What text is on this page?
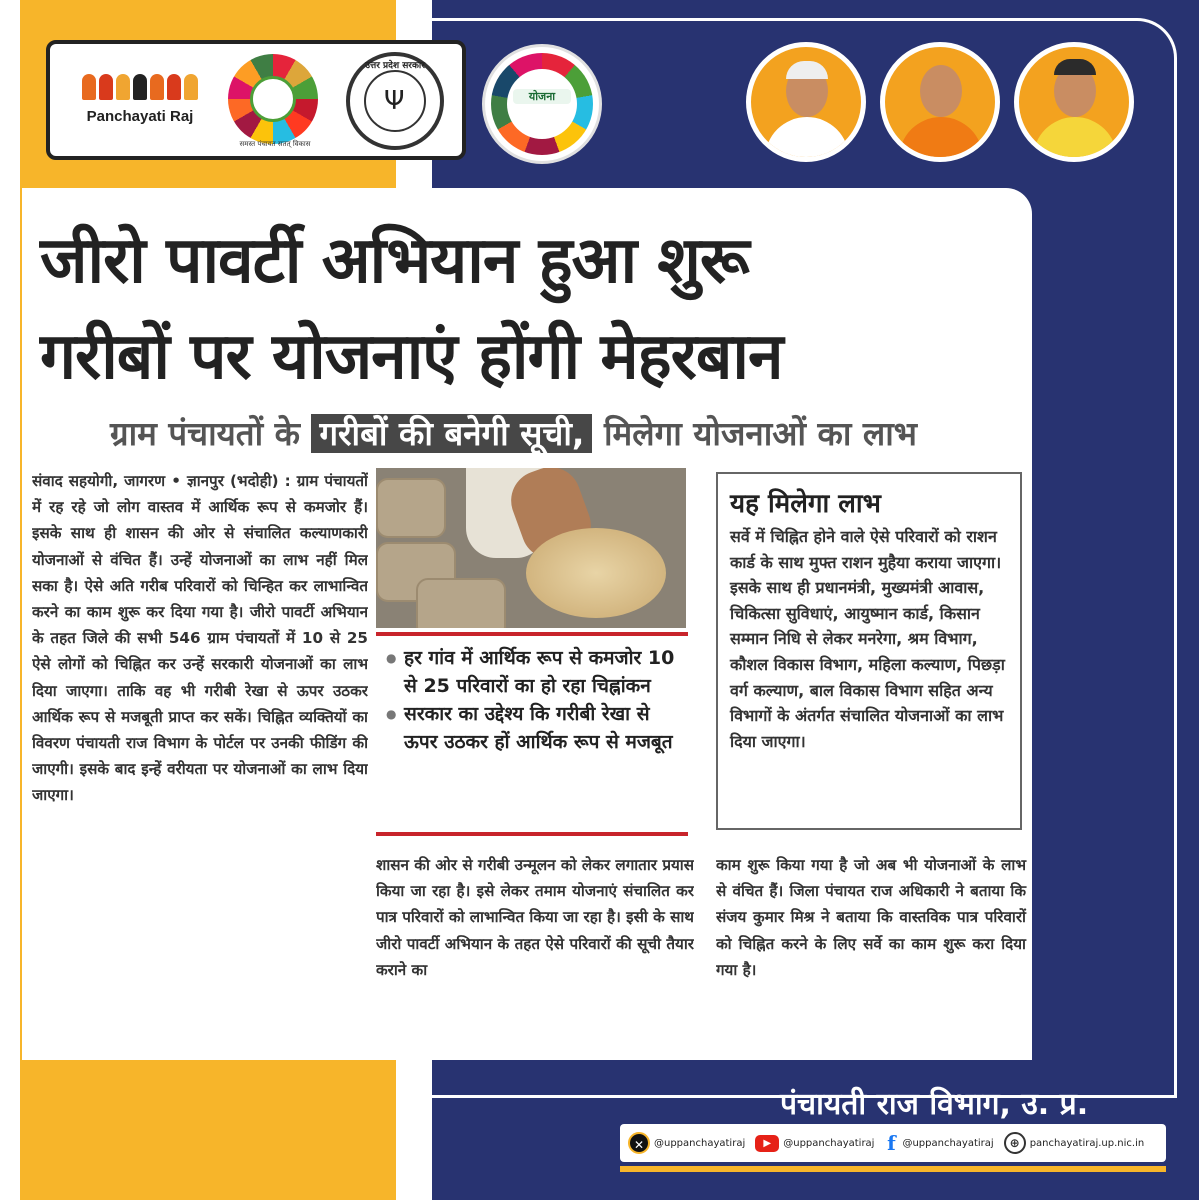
Panchayati Raj
समस्त पंचायत सतत् विकास
उत्तर प्रदेश सरकार
Ψ	योजना
जीरो पावर्टी अभियान हुआ शुरू
गरीबों पर योजनाएं होंगी मेहरबान
ग्राम पंचायतों के गरीबों की बनेगी सूची, मिलेगा योजनाओं का लाभ
संवाद सहयोगी, जागरण • ज्ञानपुर (भदोही) : ग्राम पंचायतों में रह रहे जो लोग वास्तव में आर्थिक रूप से कमजोर हैं। इसके साथ ही शासन की ओर से संचालित कल्याणकारी योजनाओं से वंचित हैं। उन्हें योजनाओं का लाभ नहीं मिल सका है। ऐसे अति गरीब परिवारों को चिन्हित कर लाभान्वित करने का काम शुरू कर दिया गया है। जीरो पावर्टी अभियान के तहत जिले की सभी 546 ग्राम पंचायतों में 10 से 25 ऐसे लोगों को चिह्नित कर उन्हें सरकारी योजनाओं का लाभ दिया जाएगा। ताकि वह भी गरीबी रेखा से ऊपर उठकर आर्थिक रूप से मजबूती प्राप्त कर सकें। चिह्नित व्यक्तियों का विवरण पंचायती राज विभाग के पोर्टल पर उनकी फीडिंग की जाएगी। इसके बाद इन्हें वरीयता पर योजनाओं का लाभ दिया जाएगा।
● हर गांव में आर्थिक रूप से कमजोर 10 से 25 परिवारों का हो रहा चिह्नांकन
● सरकार का उद्देश्य कि गरीबी रेखा से ऊपर उठकर हों आर्थिक रूप से मजबूत
यह मिलेगा लाभ
सर्वे में चिह्नित होने वाले ऐसे परिवारों को राशन कार्ड के साथ मुफ्त राशन मुहैया कराया जाएगा। इसके साथ ही प्रधानमंत्री, मुख्यमंत्री आवास, चिकित्सा सुविधाएं, आयुष्मान कार्ड, किसान सम्मान निधि से लेकर मनरेगा, श्रम विभाग, कौशल विकास विभाग, महिला कल्याण, पिछड़ा वर्ग कल्याण, बाल विकास विभाग सहित अन्य विभागों के अंतर्गत संचालित योजनाओं का लाभ दिया जाएगा।
शासन की ओर से गरीबी उन्मूलन को लेकर लगातार प्रयास किया जा रहा है। इसे लेकर तमाम योजनाएं संचालित कर पात्र परिवारों को लाभान्वित किया जा रहा है। इसी के साथ जीरो पावर्टी अभियान के तहत ऐसे परिवारों की सूची तैयार कराने का
काम शुरू किया गया है जो अब भी योजनाओं के लाभ से वंचित हैं। जिला पंचायत राज अधिकारी ने बताया कि संजय कुमार मिश्र ने बताया कि वास्तविक पात्र परिवारों को चिह्नित करने के लिए सर्वे का काम शुरू करा दिया गया है।
पंचायती राज विभाग, उ. प्र.
✕ @uppanchayatiraj	▶	@uppanchayatiraj f @uppanchayatiraj	⊕ panchayatiraj.up.nic.in
